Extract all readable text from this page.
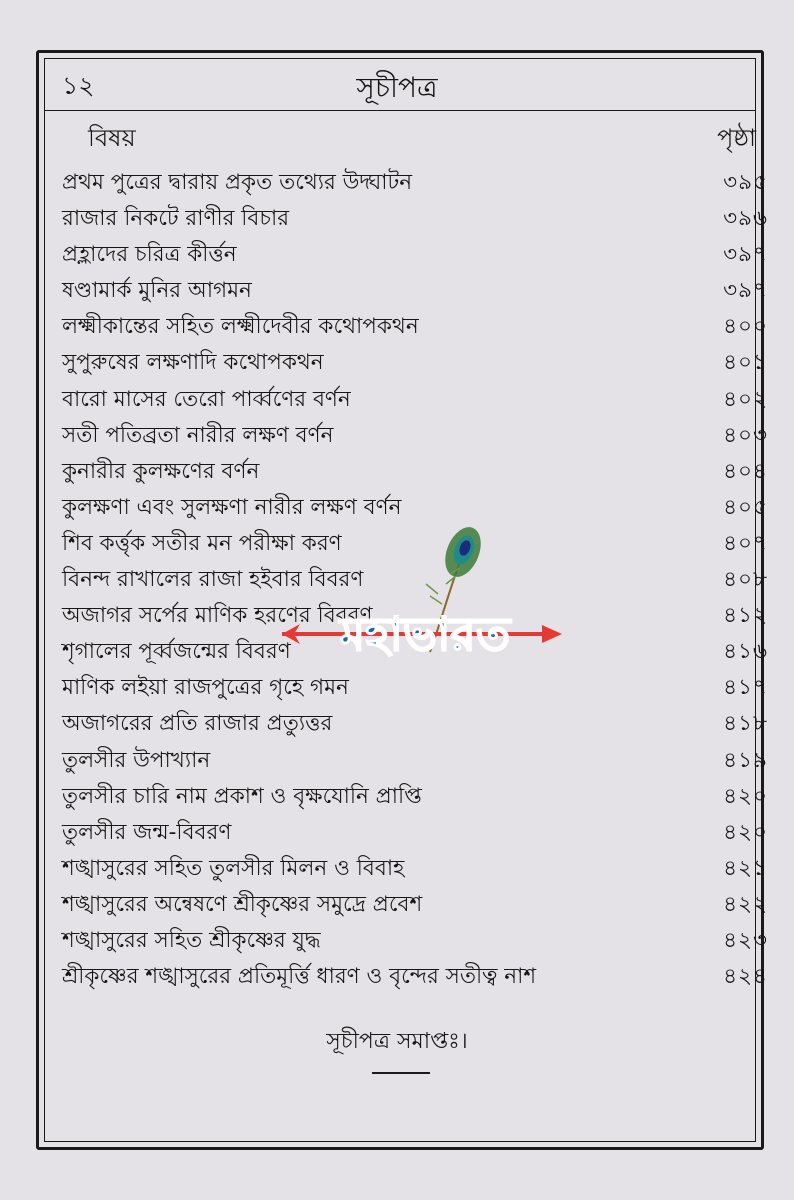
১২	সূচীপত্র
বিষয়	পৃষ্ঠা
প্রথম পুত্রের দ্বারায় প্রকৃত তথ্যের উদ্ঘাটন	৩৯৫
রাজার নিকটে রাণীর বিচার	৩৯৬
প্রহ্লাদের চরিত্র কীর্ত্তন	৩৯৭
ষণ্ডামার্ক মুনির আগমন	৩৯৭
লক্ষ্মীকান্তের সহিত লক্ষ্মীদেবীর কথোপকথন	৪০০
সুপুরুষের লক্ষণাদি কথোপকথন	৪০১
বারো মাসের তেরো পার্ব্বণের বর্ণন	৪০২
সতী পতিব্রতা নারীর লক্ষণ বর্ণন	৪০৩
কুনারীর কুলক্ষণের বর্ণন	৪০৪
কুলক্ষণা এবং সুলক্ষণা নারীর লক্ষণ বর্ণন	৪০৫
শিব কর্ত্তৃক সতীর মন পরীক্ষা করণ	৪০৭
বিনন্দ রাখালের রাজা হইবার বিবরণ	৪০৮
অজাগর সর্পের মাণিক হরণের বিবরণ	৪১২
শৃগালের পূর্ব্বজন্মের বিবরণ	৪১৬
মাণিক লইয়া রাজপুত্রের গৃহে গমন	৪১৭
অজাগরের প্রতি রাজার প্রত্যুত্তর	৪১৮
তুলসীর উপাখ্যান	৪১৯
তুলসীর চারি নাম প্রকাশ ও বৃক্ষযোনি প্রাপ্তি	৪২০
তুলসীর জন্ম-বিবরণ	৪২০
শঙ্খাসুরের সহিত তুলসীর মিলন ও বিবাহ	৪২১
শঙ্খাসুরের অন্বেষণে শ্রীকৃষ্ণের সমুদ্রে প্রবেশ	৪২২
শঙ্খাসুরের সহিত শ্রীকৃষ্ণের যুদ্ধ	৪২৩
শ্রীকৃষ্ণের শঙ্খাসুরের প্রতিমূর্ত্তি ধারণ ও বৃন্দের সতীত্ব নাশ	৪২৪
সূচীপত্র সমাপ্তঃ।
মহাভারত
